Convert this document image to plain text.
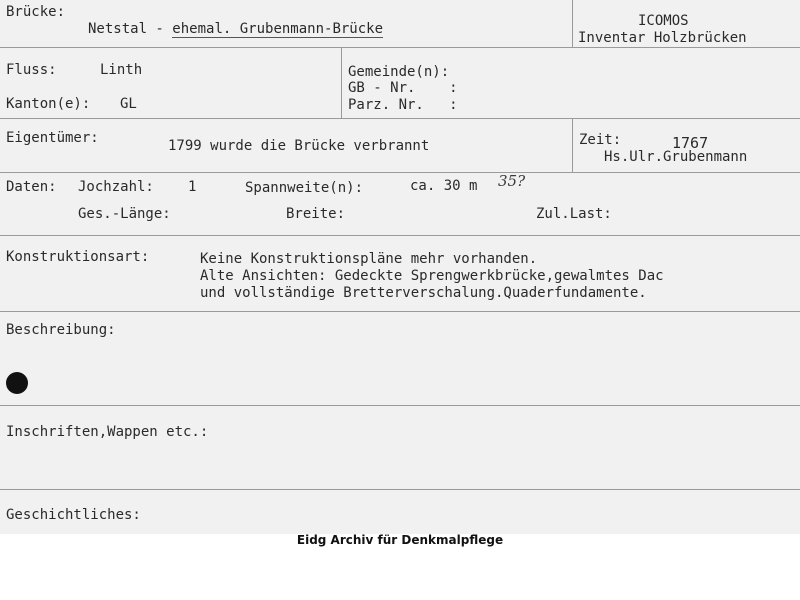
Brücke:
Netstal - ehemal. Grubenmann-Brücke	ICOMOS
Inventar Holzbrücken
Fluss:	Linth
Kanton(e): GL
Gemeinde(n):
GB - Nr.    :
Parz. Nr.   :
Eigentümer:	1799 wurde die Brücke verbrannt	Zeit:	1767
Hs.Ulr.Grubenmann
Daten: Jochzahl: 1	Spannweite(n):	ca. 30 m 35?
Ges.-Länge:	Breite:	Zul.Last:
Konstruktionsart:	Keine Konstruktionspläne mehr vorhanden.
Alte Ansichten: Gedeckte Sprengwerkbrücke,gewalmtes Dac
und vollständige Bretterverschalung.Quaderfundamente.
Beschreibung:
Inschriften,Wappen etc.:
Geschichtliches:
Eidg Archiv für Denkmalpflege
